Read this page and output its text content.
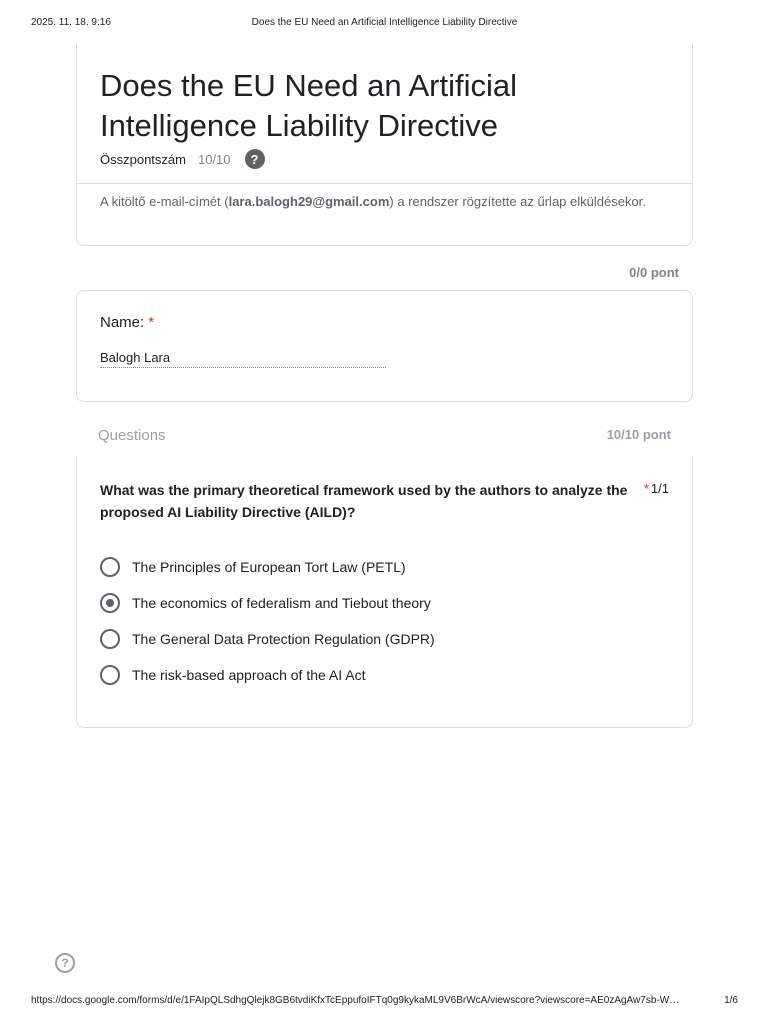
2025. 11. 18. 9:16	Does the EU Need an Artificial Intelligence Liability Directive
Does the EU Need an Artificial Intelligence Liability Directive
Összpontszám 10/10	?
A kitöltő e-mail-címét (lara.balogh29@gmail.com) a rendszer rögzítette az űrlap elküldésekor.
0/0 pont
Name: *
Balogh Lara
Questions	10/10 pont
What was the primary theoretical framework used by the authors to analyze the proposed AI Liability Directive (AILD)?
* 1/1
The Principles of European Tort Law (PETL)
The economics of federalism and Tiebout theory
The General Data Protection Regulation (GDPR)
The risk-based approach of the AI Act
?
https://docs.google.com/forms/d/e/1FAIpQLSdhgQlejk8GB6tvdiKfxTcEppufoIFTq0g9kykaML9V6BrWcA/viewscore?viewscore=AE0zAgAw7sb-W…	1/6
